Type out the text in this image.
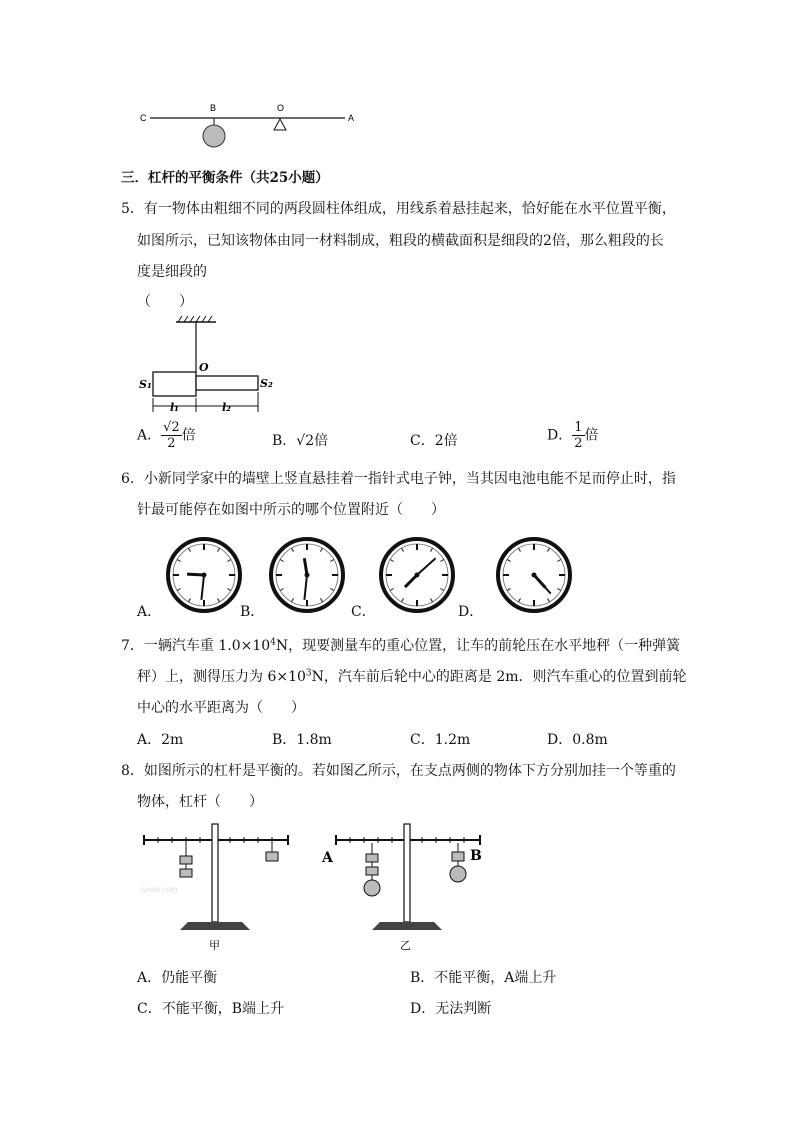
C
B	O
A
三．杠杆的平衡条件（共25小题）
5．有一物体由粗细不同的两段圆柱体组成，用线系着悬挂起来，恰好能在水平位置平衡，
如图所示，已知该物体由同一材料制成，粗段的横截面积是细段的2倍，那么粗段的长
度是细段的
（　　）
O
S₁	S₂
l₁	l₂
A． $\frac{√2}{2}$ 倍	B．√2倍	C．2倍	D． $\frac{1}{2}$ 倍
6．小新同学家中的墙壁上竖直悬挂着一指针式电子钟，当其因电池电能不足而停止时，指
针最可能停在如图中所示的哪个位置附近（　　）
A．	B．	C．	D．
7．一辆汽车重 $1.0\times 10^4N$，现要测量车的重心位置，让车的前轮压在水平地秤（一种弹簧
秤）上，测得压力为 $6\times 10^3N$，汽车前后轮中心的距离是 2m．则汽车重心的位置到前轮
中心的水平距离为（　　）
A．2m	B．1.8m	C．1.2m	D．0.8m
8．如图所示的杠杆是平衡的。若如图乙所示，在支点两侧的物体下方分别加挂一个等重的
物体，杠杆（　　）
jyeoo.com
甲
A	B
乙
A．仍能平衡	B．不能平衡，A端上升
C．不能平衡，B端上升	D．无法判断
